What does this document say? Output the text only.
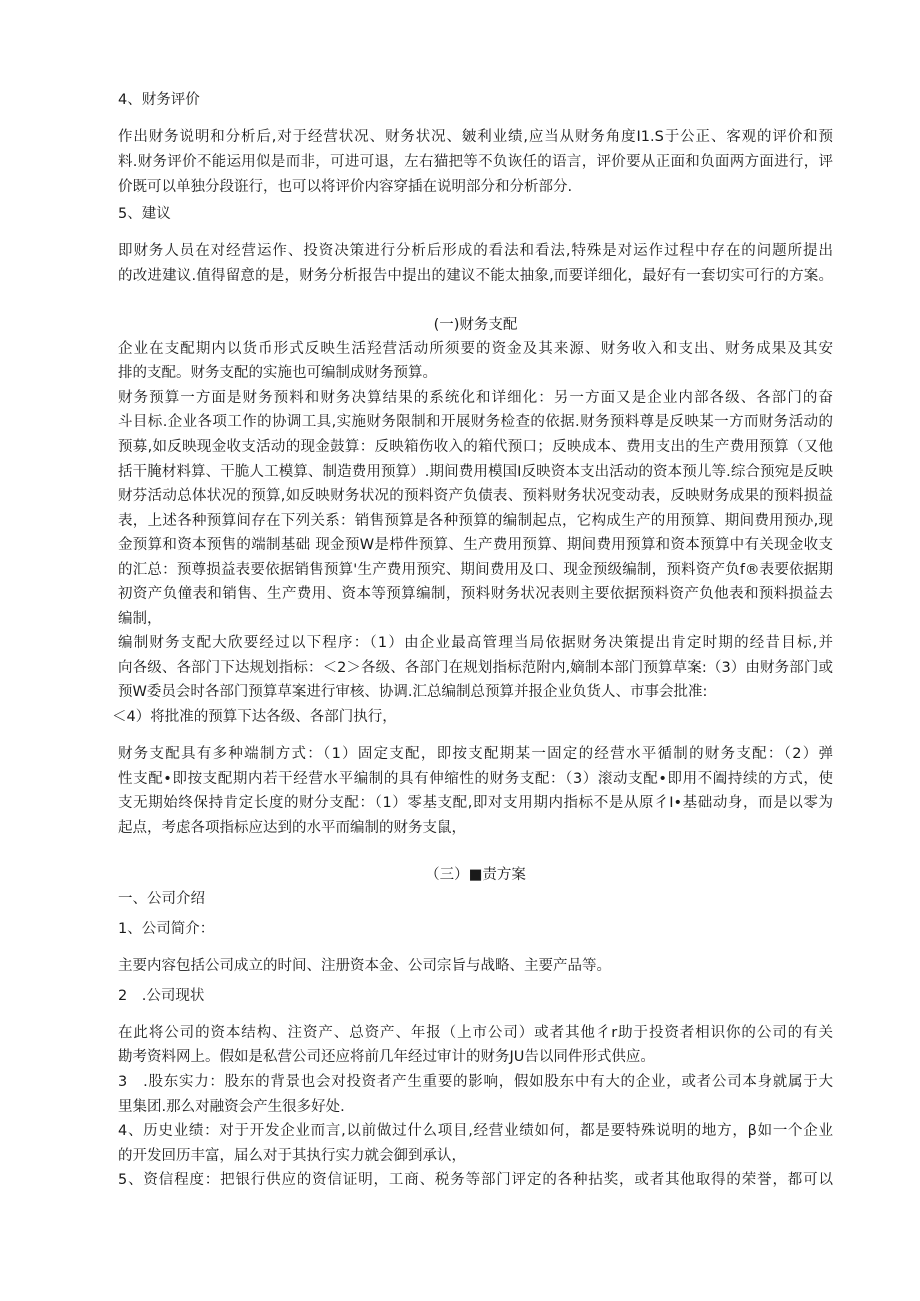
4、财务评价
作出财务说明和分析后,对于经营状况、财务状况、皴利业绩,应当从财务角度I1.S于公正、客观的评价和预
料.财务评价不能运用似是而非，可进可退，左右猫把等不负诙任的语言，评价要从正面和负面两方面进行，评
价既可以单独分段诳行，也可以将评价内容穿插在说明部分和分析部分.
5、建议
即财务人员在对经营运作、投资决策进行分析后形成的看法和看法,特殊是对运作过程中存在的问题所提出
的改进建议.值得留意的是，财务分析报告中提出的建议不能太抽象,而要详细化，最好有一套切实可行的方案。
(一)财务支配
企业在支配期内以货币形式反映生活羟营活动所须要的资金及其来源、财务收入和支出、财务成果及其安
排的支配。财务支配的实施也可编制成财务预算。
财务预算一方面是财务预料和财务决算结果的系统化和详细化：另一方面又是企业内部各级、各部门的奋
斗目标.企业各项工作的协调工具,实施财务限制和开展财务检查的依据.财务预料尊是反映某一方而财务活动的
预募,如反映现金收支活动的现金鼓算：反映箱伤收入的箱代预口；反映成本、费用支出的生产费用预算（又他
括干腌材料算、干脆人工模算、制造费用预算）.期间费用模国I反映资本支出活动的资本预儿等.综合预宛是反映
财芬活动总体状况的预算,如反映财务状况的预料资产负债表、预料财务状况变动表，反映财务成果的预料损益
表，上述各种预算间存在下列关系：销售预算是各种预算的编制起点，它构成生产的用预算、期间费用预办,现
金预算和资本预售的端制基础 现金预W是栉件预算、生产费用预算、期间费用预算和资本预算中有关现金收支
的汇总：预尊损益表要依据销售预算'生产费用预究、期间费用及口、现金预级编制，预料资产负f®表要依据期
初资产负僮表和销售、生产费用、资本等预算编制，预料财务状况表则主要依据预料资产负他表和预料损益去
编制，
编制财务支配大欣要经过以下程序：（1）由企业最高管理当局依据财务决策提出肯定时期的经昔目标,并
向各级、各部门下达规划指标：＜2＞各级、各部门在规划指标范附内,嫡制本部门预算草案:（3）由财务部门或
预W委员会时各部门预算草案进行审核、协调.汇总编制总预算并报企业负货人、市事会批准:
＜4）将批准的预算下达各级、各部门执行，
财务支配具有多种端制方式：（1）固定支配，即按支配期某一固定的经营水平循制的财务支配：（2）弹
性支配•即按支配期内若干经营水平编制的具有伸缩性的财务支配：（3）滚动支配•即用不阖持续的方式，使
支无期始终保持肯定长度的财分支配：（1）零基支配,即对支用期内指标不是从原彳I•基础动身，而是以零为
起点，考虑各项指标应达到的水平而编制的财务支鼠，
（三）■责方案
一、公司介绍
1、公司简介：
主要内容包括公司成立的时间、注册资本金、公司宗旨与战略、主要产品等。
2　.公司现状
在此将公司的资本结构、注资产、总资产、年报（上市公司）或者其他彳r助于投资者相识你的公司的有关
勘考资料网上。假如是私营公司还应将前几年经过审计的财务JU告以同件形式供应。
3　.股东实力：股东的背景也会对投资者产生重要的影响，假如股东中有大的企业，或者公司本身就属于大
里集团.那么对融资会产生很多好处.
4、历史业绩：对于开发企业而言,以前做过什么项目,经营业绩如何，都是要特殊说明的地方，β如一个企业
的开发回历丰富，届么对于其执行实力就会御到承认，
5、资信程度：把银行供应的资信证明，工商、税务等部门评定的各种拈奖，或者其他取得的荣誉，都可以
